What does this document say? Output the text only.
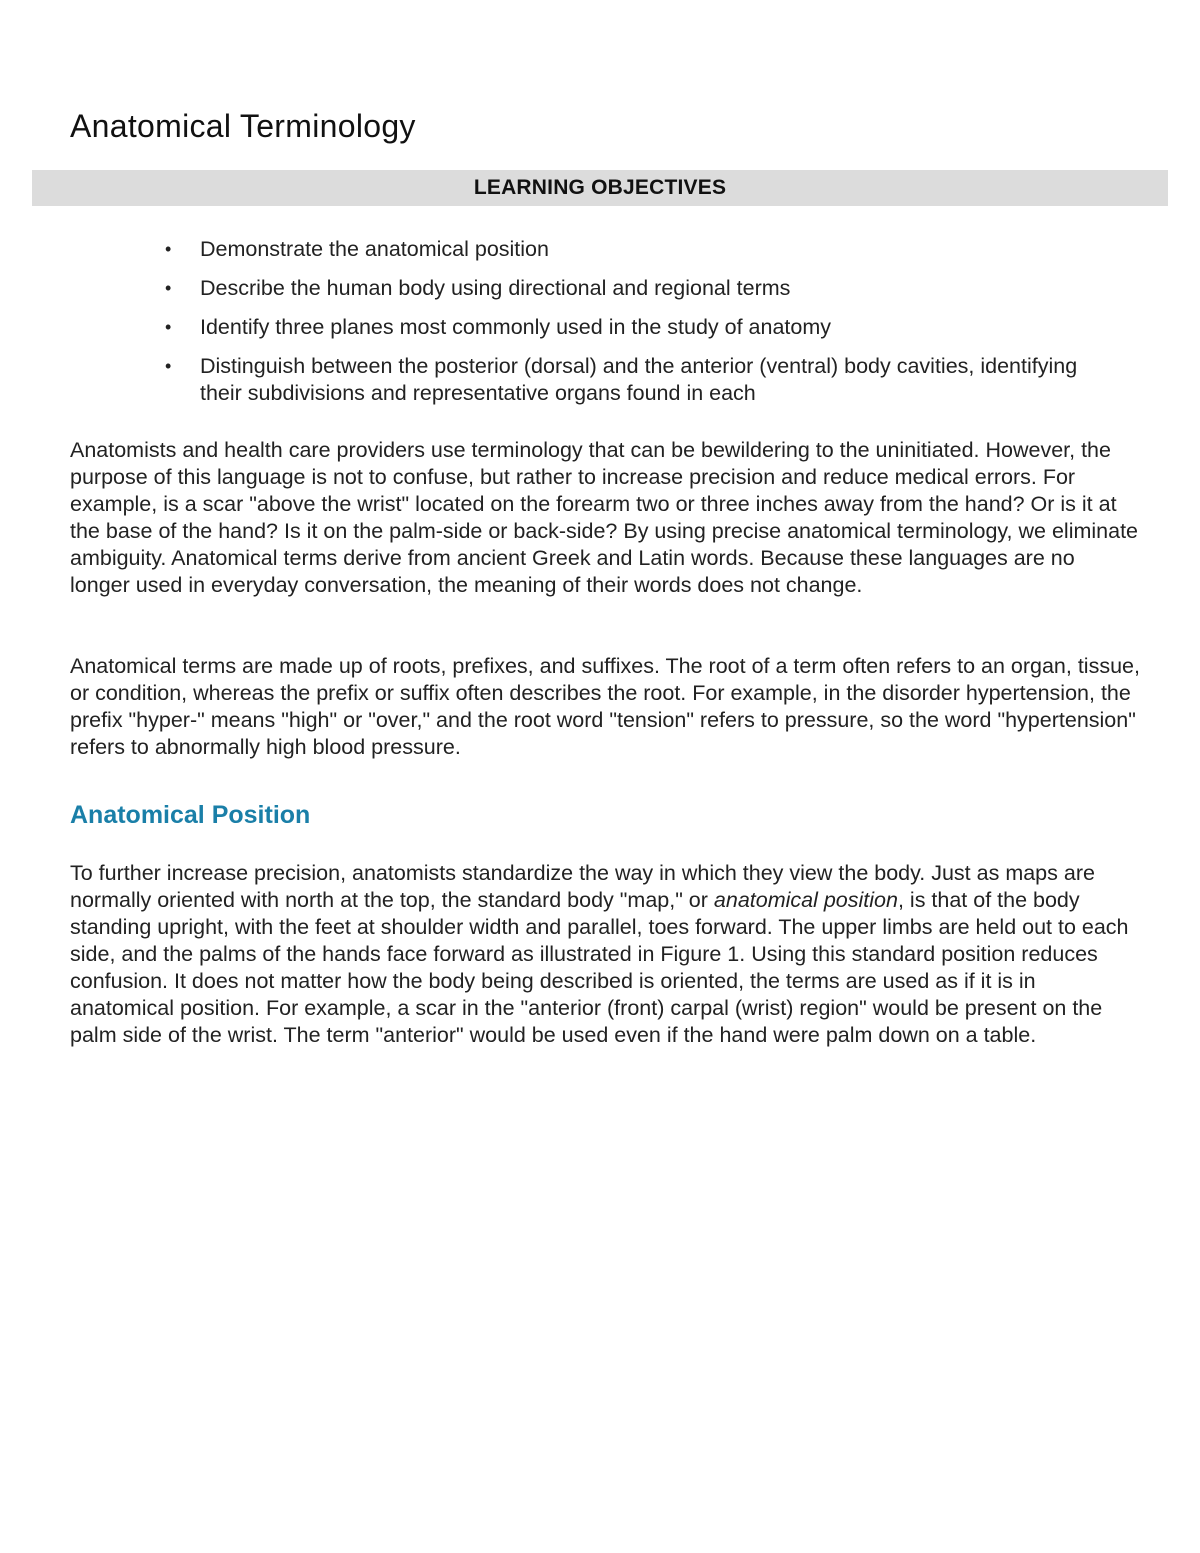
Anatomical Terminology
LEARNING OBJECTIVES
•	Demonstrate the anatomical position
•	Describe the human body using directional and regional terms
•	Identify three planes most commonly used in the study of anatomy
•	Distinguish between the posterior (dorsal) and the anterior (ventral) body cavities, identifying their subdivisions and representative organs found in each

Anatomists and health care providers use terminology that can be bewildering to the uninitiated. However, the purpose of this language is not to confuse, but rather to increase precision and reduce medical errors. For example, is a scar "above the wrist" located on the forearm two or three inches away from the hand? Or is it at the base of the hand? Is it on the palm-side or back-side? By using precise anatomical terminology, we eliminate ambiguity. Anatomical terms derive from ancient Greek and Latin words. Because these languages are no longer used in everyday conversation, the meaning of their words does not change.

Anatomical terms are made up of roots, prefixes, and suffixes. The root of a term often refers to an organ, tissue, or condition, whereas the prefix or suffix often describes the root. For example, in the disorder hypertension, the prefix "hyper-" means "high" or "over," and the root word "tension" refers to pressure, so the word "hypertension" refers to abnormally high blood pressure.

Anatomical Position

To further increase precision, anatomists standardize the way in which they view the body. Just as maps are normally oriented with north at the top, the standard body "map," or anatomical position, is that of the body standing upright, with the feet at shoulder width and parallel, toes forward. The upper limbs are held out to each side, and the palms of the hands face forward as illustrated in Figure 1. Using this standard position reduces confusion. It does not matter how the body being described is oriented, the terms are used as if it is in anatomical position. For example, a scar in the "anterior (front) carpal (wrist) region" would be present on the palm side of the wrist. The term "anterior" would be used even if the hand were palm down on a table.
